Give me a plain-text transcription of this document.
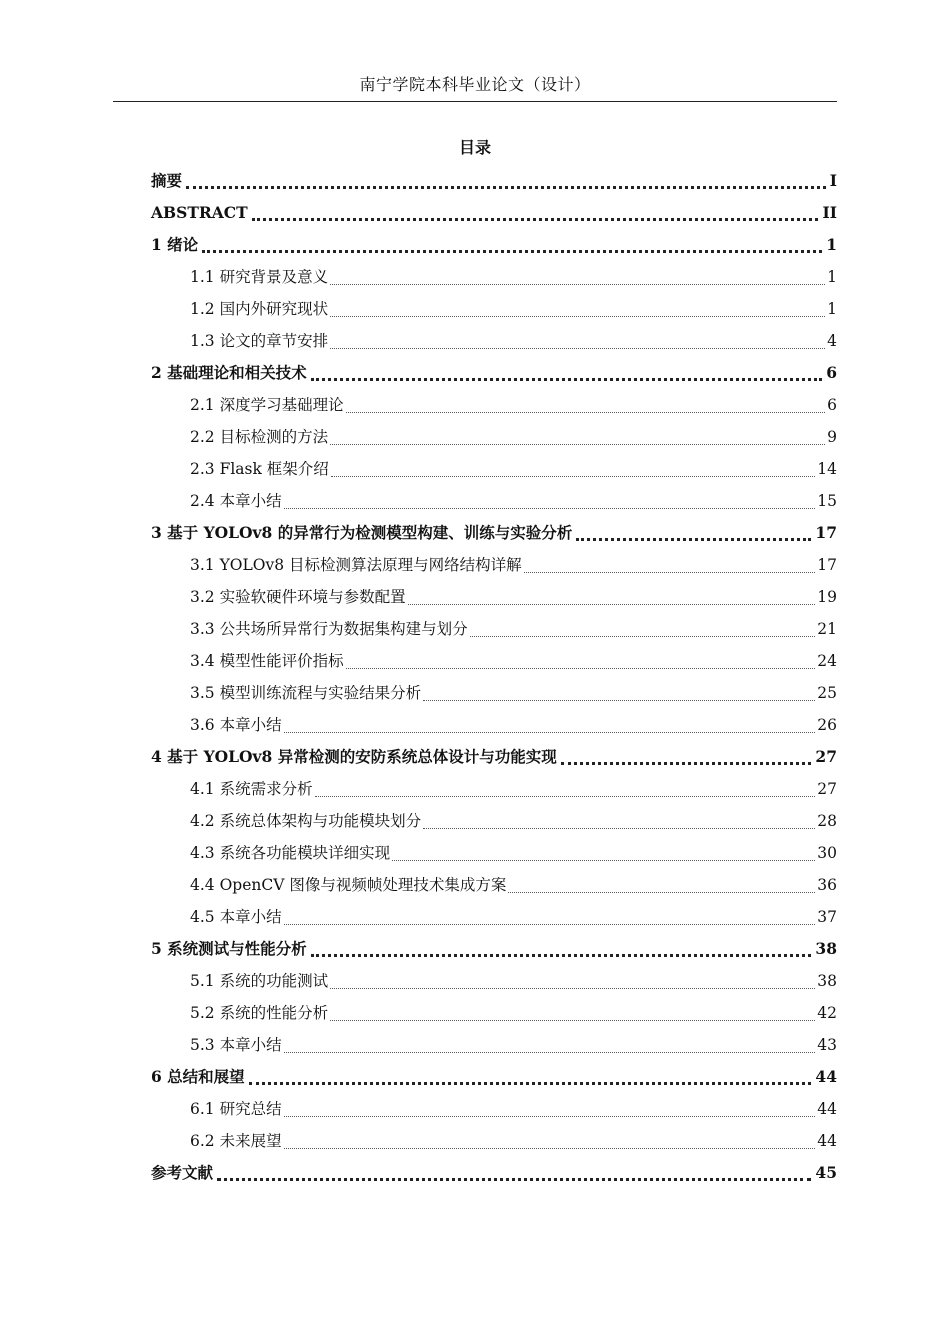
南宁学院本科毕业论文（设计）
目录
摘要	I
ABSTRACT	II
1 绪论	1
1.1 研究背景及意义	1
1.2 国内外研究现状	1
1.3 论文的章节安排	4
2 基础理论和相关技术	6
2.1 深度学习基础理论	6
2.2 目标检测的方法	9
2.3 Flask 框架介绍	14
2.4 本章小结	15
3 基于 YOLOv8 的异常行为检测模型构建、训练与实验分析	17
3.1 YOLOv8 目标检测算法原理与网络结构详解	17
3.2 实验软硬件环境与参数配置	19
3.3 公共场所异常行为数据集构建与划分	21
3.4 模型性能评价指标	24
3.5 模型训练流程与实验结果分析	25
3.6 本章小结	26
4 基于 YOLOv8 异常检测的安防系统总体设计与功能实现	27
4.1 系统需求分析	27
4.2 系统总体架构与功能模块划分	28
4.3 系统各功能模块详细实现	30
4.4 OpenCV 图像与视频帧处理技术集成方案	36
4.5 本章小结	37
5 系统测试与性能分析	38
5.1 系统的功能测试	38
5.2 系统的性能分析	42
5.3 本章小结	43
6 总结和展望	44
6.1 研究总结	44
6.2 未来展望	44
参考文献	45
